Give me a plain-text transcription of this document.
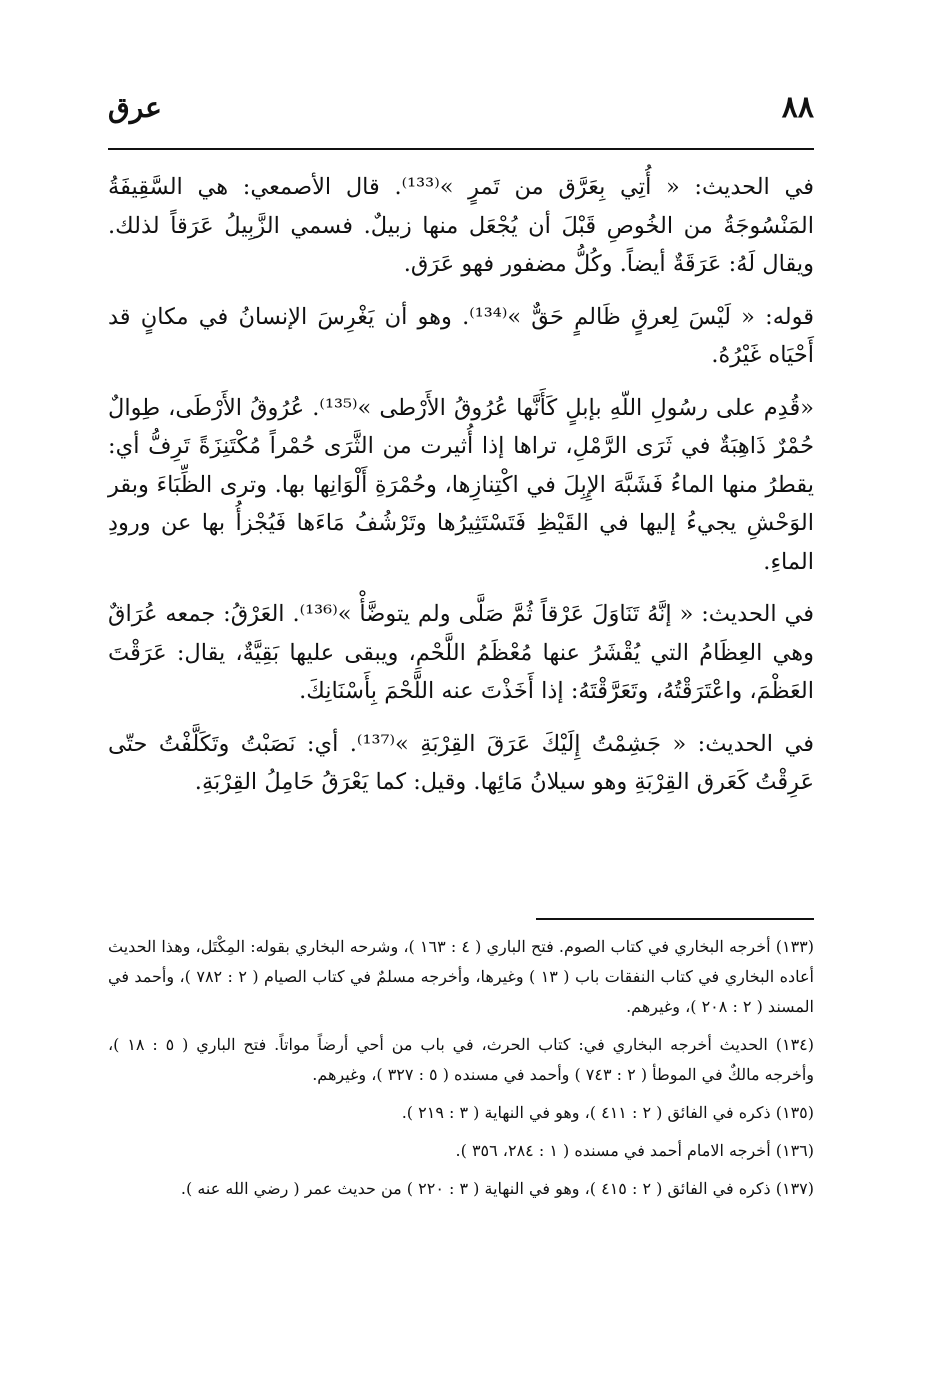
٨٨
عرق

في الحديث: « أُتِي بِعَرَّق من تَمرٍ »⁽¹³³⁾. قال الأصمعي: هي السَّقِيفَةُ المَنْسُوجَةُ من الخُوصِ قَبْلَ أن يُجْعَل منها زبيلٌ. فسمي الزَّبِيلُ عَرَقاً لذلك. ويقال لَهُ: عَرَقَةٌ أيضاً. وكُلُّ مضفور فهو عَرَق.

قوله: « لَيْسَ لِعرقٍ ظَالمٍ حَقٌّ »⁽¹³⁴⁾. وهو أن يَغْرِسَ الإنسانُ في مكانٍ قد أَحْيَاه غَيْرُهُ.

«قُدِم على رسُولِ اللّهِ بإبلٍ كَأَنَّها عُرُوقُ الأَرْطى »⁽¹³⁵⁾. عُرُوقُ الأَرْطَى، طِوالٌ حُمْرٌ ذَاهِبَةٌ في ثَرَى الرَّمْلِ، تراها إذا أُثيرت من الثَّرَى حُمْراً مُكْتَنِزَةً تَرِفُّ أي: يقطرُ منها الماءُ فَشَبَّهَ الإِبِلَ في اكْتِنازِها، وحُمْرَةِ أَلْوَانِها بها. وترى الظِّبَاءَ وبقر الوَحْشِ يجيءُ إليها في القَيْظِ فَتَسْتَثِيرُها وتَرْشُفُ مَاءَها فَيُجْزأُ بها عن ورودِ الماءِ.

في الحديث: « إنَّهُ تَنَاوَلَ عَرْقاً ثُمَّ صَلَّى ولم يتوضَّأْ »⁽¹³⁶⁾. العَرْقُ: جمعه عُرَاقٌ وهي العِظَامُ التي يُقْشَرُ عنها مُعْظَمُ اللَّحْمِ، ويبقى عليها بَقِيَّةٌ، يقال: عَرَقْتَ العَظْمَ، واعْتَرَقْتُهُ، وتَعَرَّقْتَهُ: إذا أَخَذْتَ عنه اللَّحْمَ بِأَسْنَانِكَ.

في الحديث: « جَشِمْتُ إِلَيْكَ عَرَقَ القِرْبَةِ »⁽¹³⁷⁾. أي: نَصَبْتُ وتَكَلَّفْتُ حتّى عَرِقْتُ كَعَرق القِرْبَةِ وهو سيلانُ مَائِها. وقيل: كما يَعْرَقُ حَامِلُ القِرْبَةِ.

(١٣٣) أخرجه البخاري في كتاب الصوم. فتح الباري ( ٤ : ١٦٣ )، وشرحه البخاري بقوله: المِكْتَل، وهذا الحديث أعاده البخاري في كتاب النفقات باب ( ١٣ ) وغيرها، وأخرجه مسلمٌ في كتاب الصيام ( ٢ : ٧٨٢ )، وأحمد في المسند ( ٢ : ٢٠٨ )، وغيرهم.

(١٣٤) الحديث أخرجه البخاري في: كتاب الحرث، في باب من أحي أرضاً مواتاً. فتح الباري ( ٥ : ١٨ )، وأخرجه مالكٌ في الموطأ ( ٢ : ٧٤٣ ) وأحمد في مسنده ( ٥ : ٣٢٧ )، وغيرهم.

(١٣٥) ذكره في الفائق ( ٢ : ٤١١ )، وهو في النهاية ( ٣ : ٢١٩ ).

(١٣٦) أخرجه الامام أحمد في مسنده ( ١ : ٢٨٤، ٣٥٦ ).

(١٣٧) ذكره في الفائق ( ٢ : ٤١٥ )، وهو في النهاية ( ٣ : ٢٢٠ ) من حديث عمر ( رضي الله عنه ).
